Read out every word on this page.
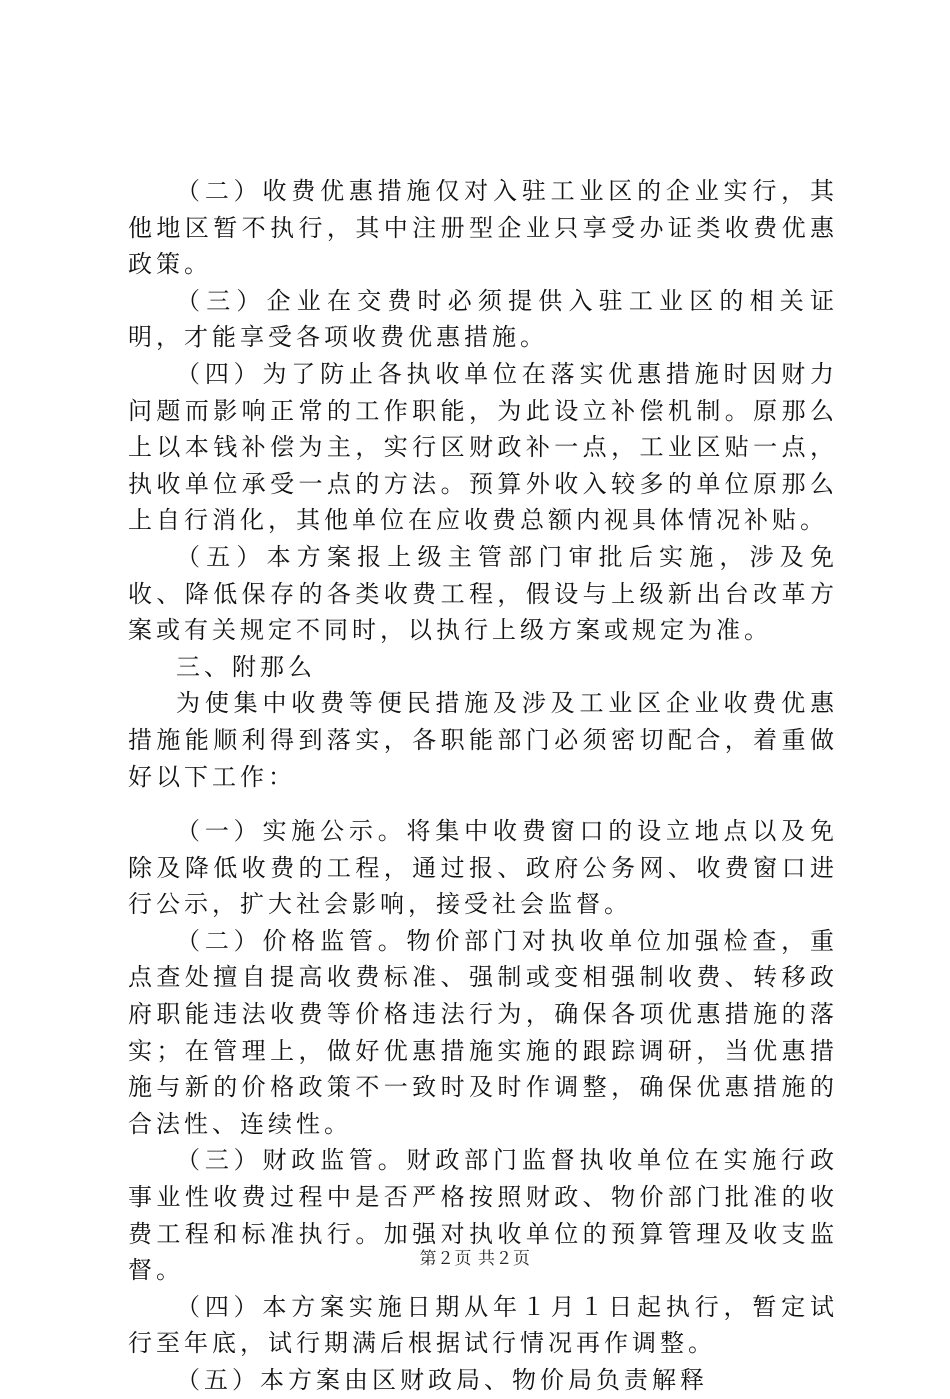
（二）收费优惠措施仅对入驻工业区的企业实行，其他地区暂不执行，其中注册型企业只享受办证类收费优惠政策。

（三）企业在交费时必须提供入驻工业区的相关证明，才能享受各项收费优惠措施。

（四）为了防止各执收单位在落实优惠措施时因财力问题而影响正常的工作职能，为此设立补偿机制。原那么上以本钱补偿为主，实行区财政补一点，工业区贴一点，执收单位承受一点的方法。预算外收入较多的单位原那么上自行消化，其他单位在应收费总额内视具体情况补贴。

（五）本方案报上级主管部门审批后实施，涉及免收、降低保存的各类收费工程，假设与上级新出台改革方案或有关规定不同时，以执行上级方案或规定为准。

三、附那么

为使集中收费等便民措施及涉及工业区企业收费优惠措施能顺利得到落实，各职能部门必须密切配合，着重做好以下工作：

（一）实施公示。将集中收费窗口的设立地点以及免除及降低收费的工程，通过报、政府公务网、收费窗口进行公示，扩大社会影响，接受社会监督。

（二）价格监管。物价部门对执收单位加强检查，重点查处擅自提高收费标准、强制或变相强制收费、转移政府职能违法收费等价格违法行为，确保各项优惠措施的落实；在管理上，做好优惠措施实施的跟踪调研，当优惠措施与新的价格政策不一致时及时作调整，确保优惠措施的合法性、连续性。

（三）财政监管。财政部门监督执收单位在实施行政事业性收费过程中是否严格按照财政、物价部门批准的收费工程和标准执行。加强对执收单位的预算管理及收支监督。

（四）本方案实施日期从年１月１日起执行，暂定试行至年底，试行期满后根据试行情况再作调整。

（五）本方案由区财政局、物价局负责解释

第２页 共２页
